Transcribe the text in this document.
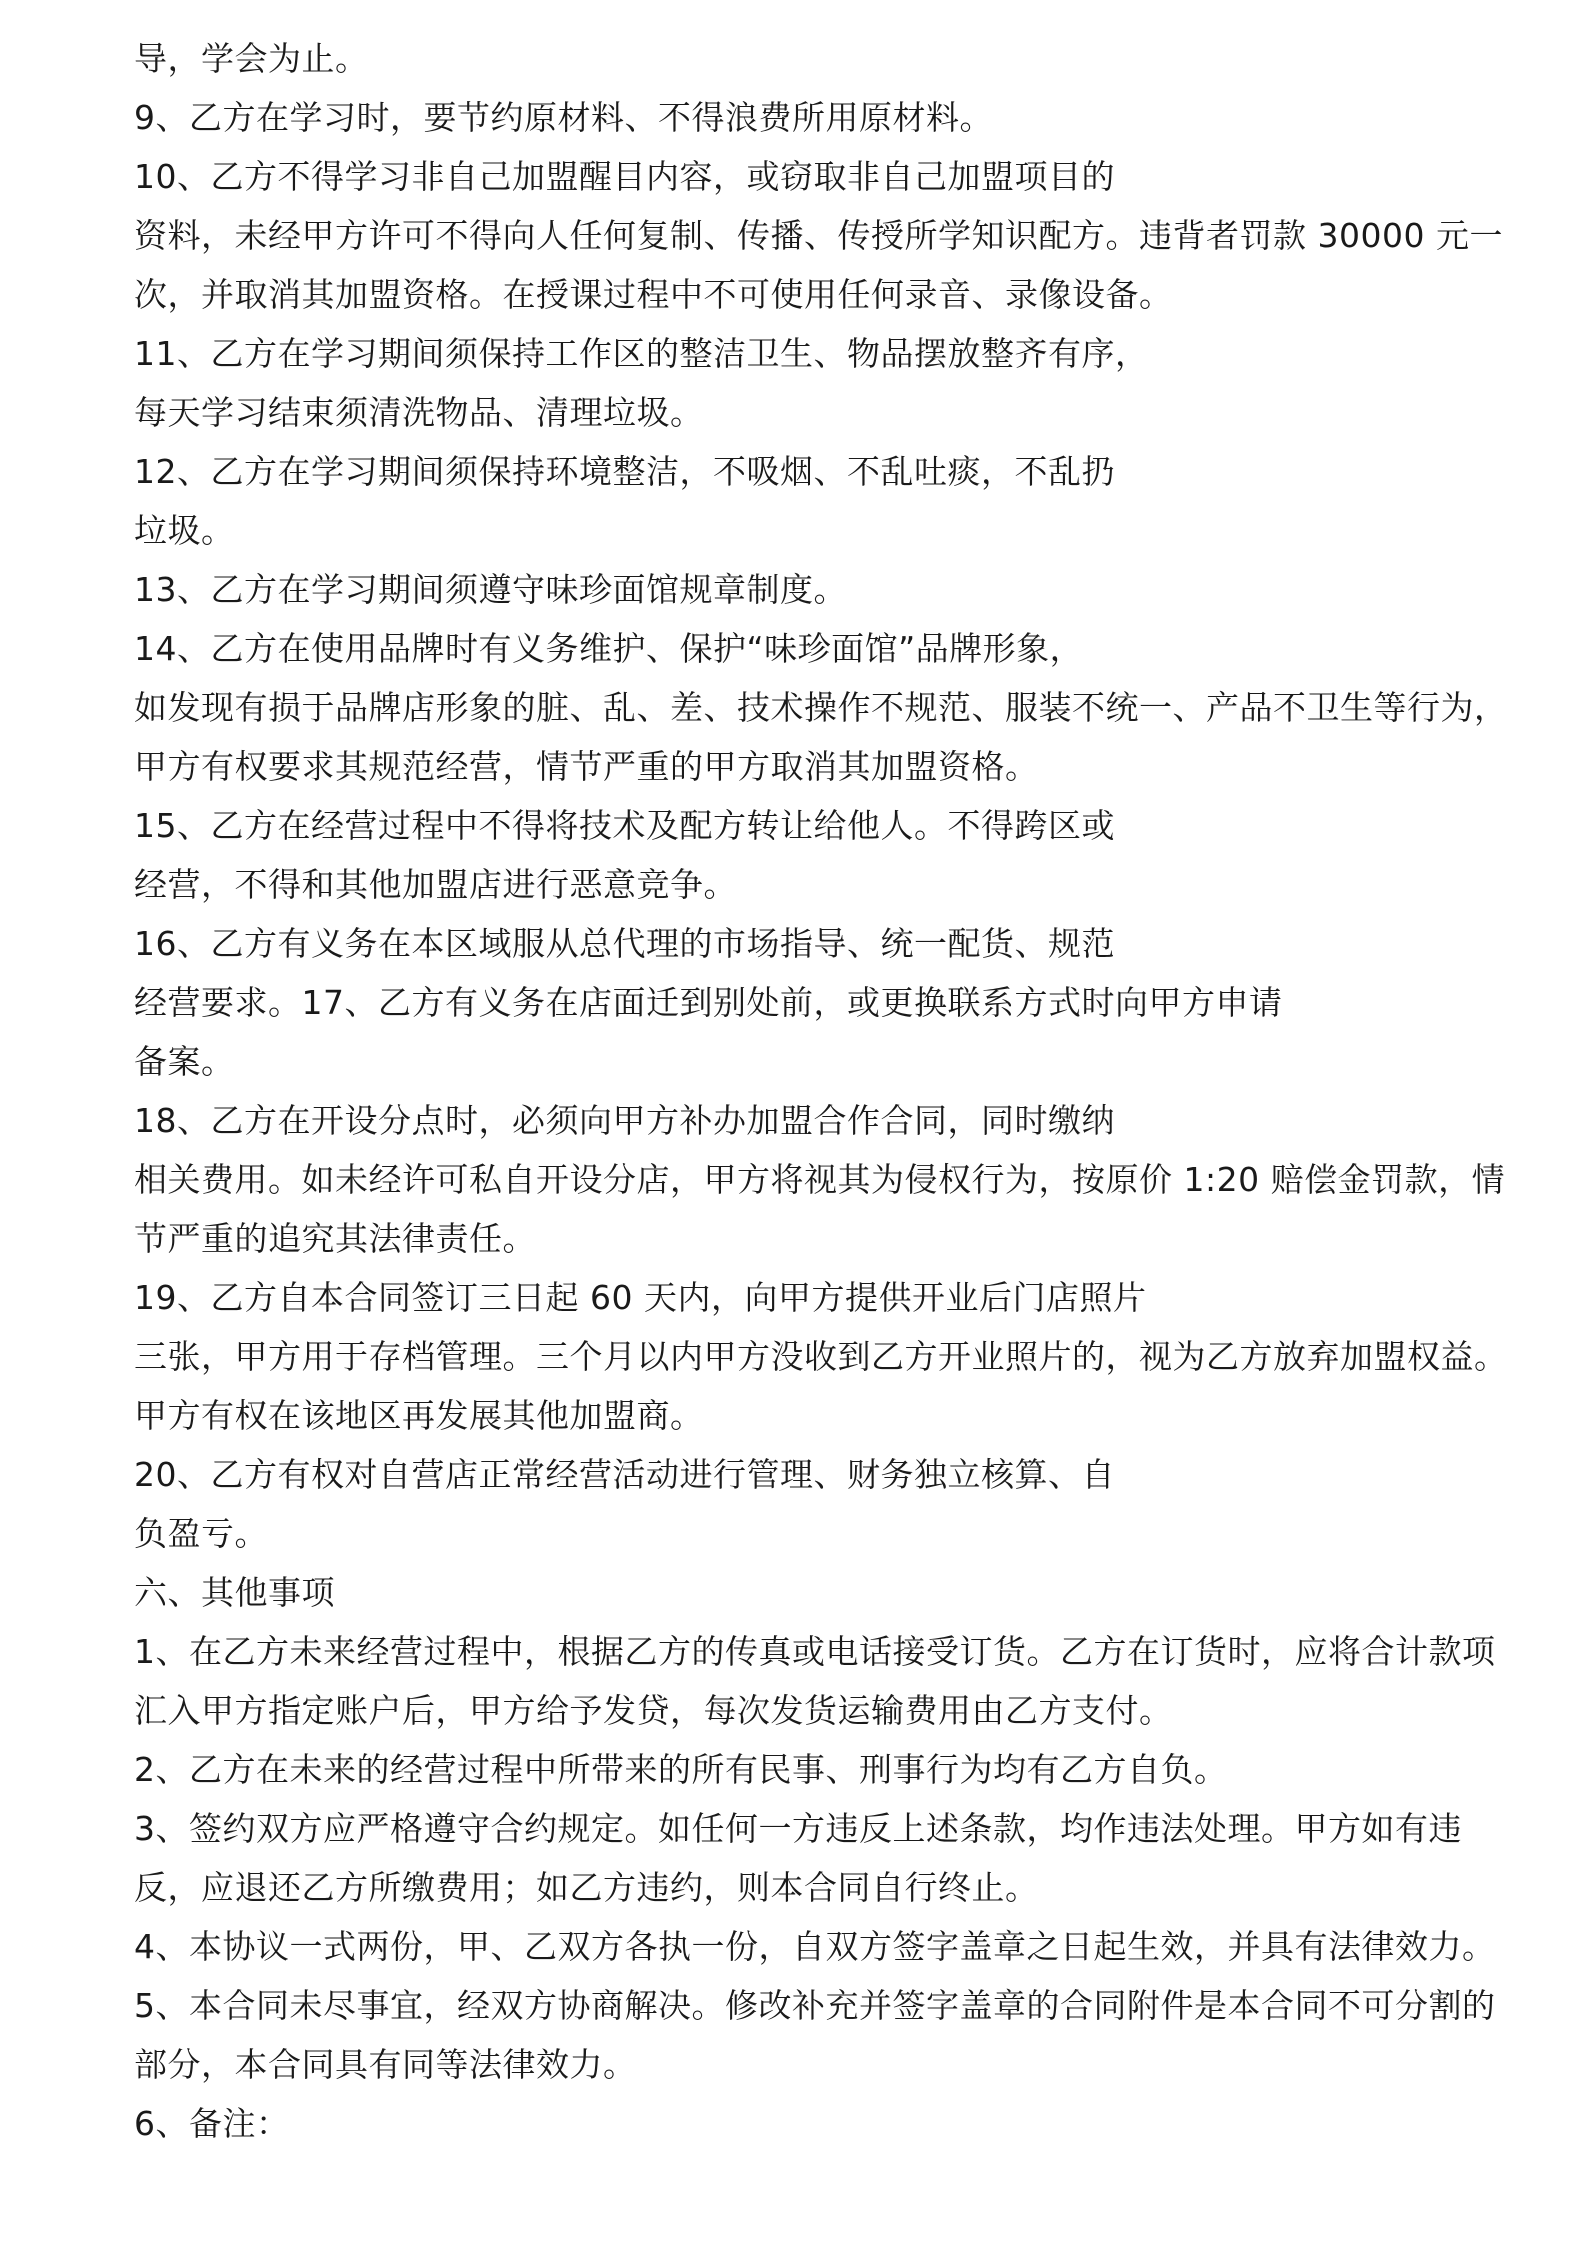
导，学会为止。
9、乙方在学习时，要节约原材料、不得浪费所用原材料。
10、乙方不得学习非自己加盟醒目内容，或窃取非自己加盟项目的
资料，未经甲方许可不得向人任何复制、传播、传授所学知识配方。违背者罚款 30000 元一
次，并取消其加盟资格。在授课过程中不可使用任何录音、录像设备。
11、乙方在学习期间须保持工作区的整洁卫生、物品摆放整齐有序，
每天学习结束须清洗物品、清理垃圾。
12、乙方在学习期间须保持环境整洁，不吸烟、不乱吐痰，不乱扔
垃圾。
13、乙方在学习期间须遵守味珍面馆规章制度。
14、乙方在使用品牌时有义务维护、保护“味珍面馆”品牌形象，
如发现有损于品牌店形象的脏、乱、差、技术操作不规范、服装不统一、产品不卫生等行为，
甲方有权要求其规范经营，情节严重的甲方取消其加盟资格。
15、乙方在经营过程中不得将技术及配方转让给他人。不得跨区或
经营，不得和其他加盟店进行恶意竞争。
16、乙方有义务在本区域服从总代理的市场指导、统一配货、规范
经营要求。17、乙方有义务在店面迁到别处前，或更换联系方式时向甲方申请
备案。
18、乙方在开设分点时，必须向甲方补办加盟合作合同，同时缴纳
相关费用。如未经许可私自开设分店，甲方将视其为侵权行为，按原价 1:20 赔偿金罚款，情
节严重的追究其法律责任。
19、乙方自本合同签订三日起 60 天内，向甲方提供开业后门店照片
三张，甲方用于存档管理。三个月以内甲方没收到乙方开业照片的，视为乙方放弃加盟权益。
甲方有权在该地区再发展其他加盟商。
20、乙方有权对自营店正常经营活动进行管理、财务独立核算、自
负盈亏。
六、其他事项
1、在乙方未来经营过程中，根据乙方的传真或电话接受订货。乙方在订货时，应将合计款项
汇入甲方指定账户后，甲方给予发贷，每次发货运输费用由乙方支付。
2、乙方在未来的经营过程中所带来的所有民事、刑事行为均有乙方自负。
3、签约双方应严格遵守合约规定。如任何一方违反上述条款，均作违法处理。甲方如有违
反，应退还乙方所缴费用；如乙方违约，则本合同自行终止。
4、本协议一式两份，甲、乙双方各执一份，自双方签字盖章之日起生效，并具有法律效力。
5、本合同未尽事宜，经双方协商解决。修改补充并签字盖章的合同附件是本合同不可分割的
部分，本合同具有同等法律效力。
6、备注：
